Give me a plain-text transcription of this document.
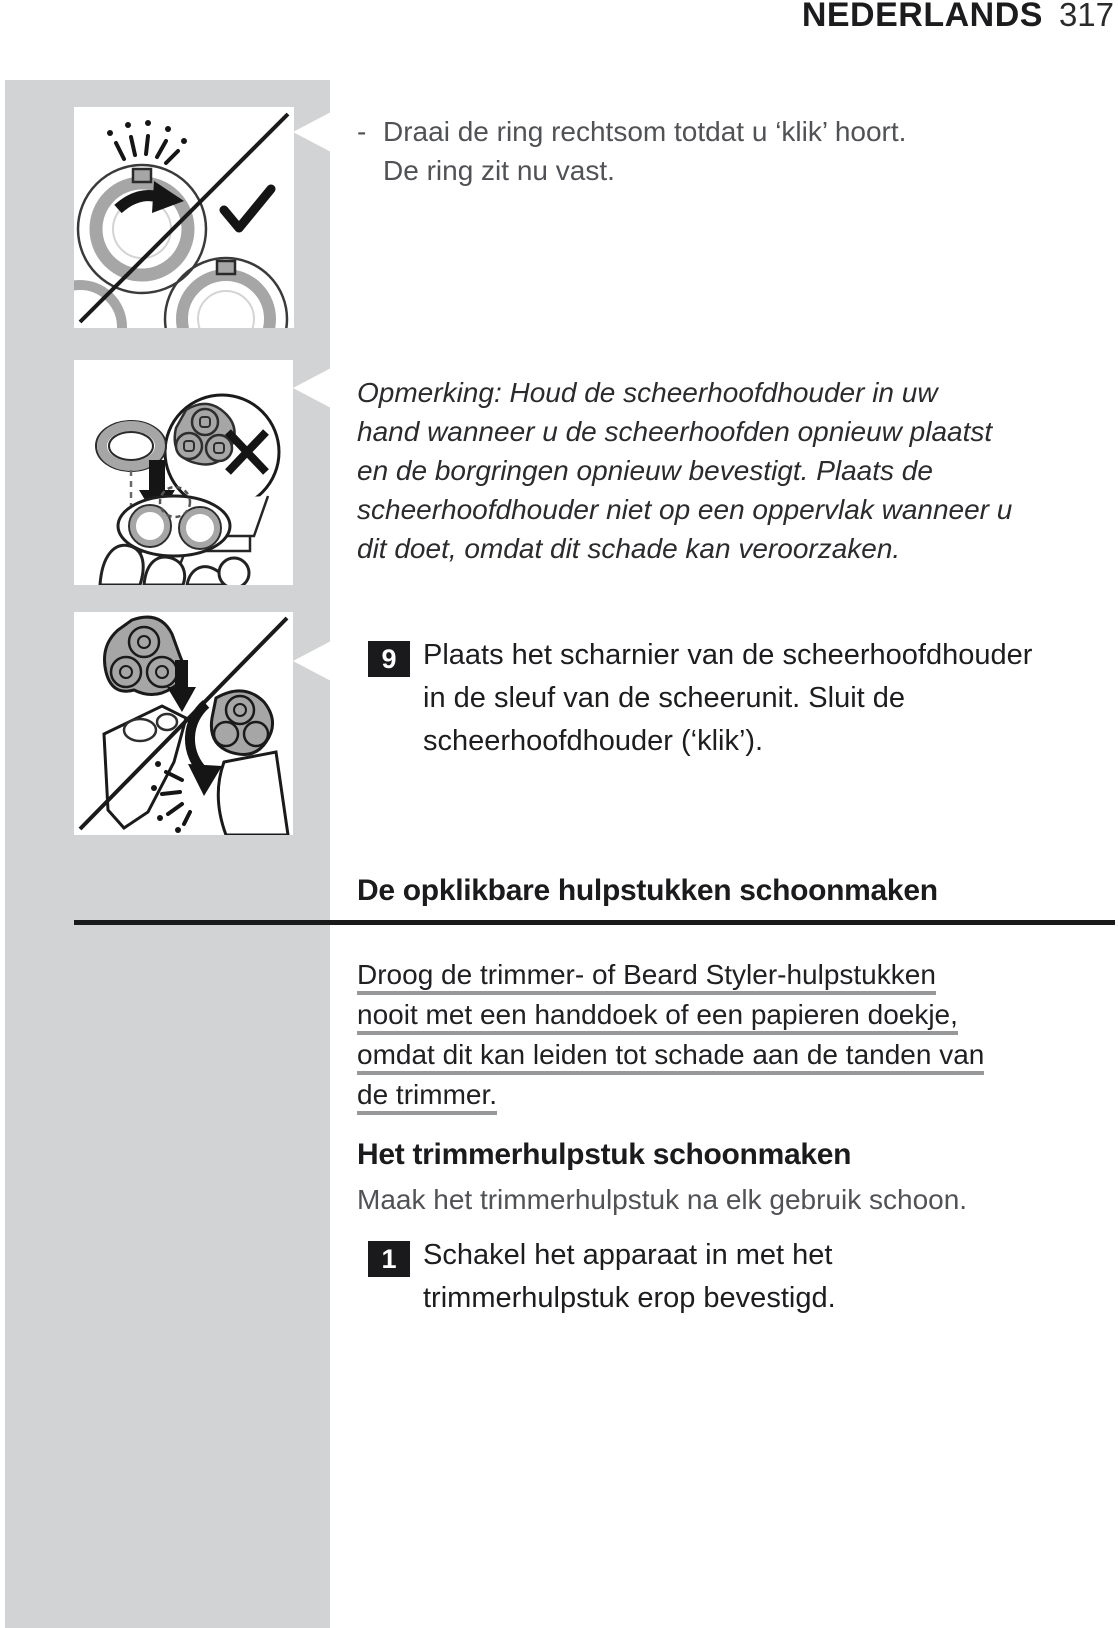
NEDERLANDS 317
- Draai de ring rechtsom totdat u ‘klik’ hoort.
De ring zit nu vast.
Opmerking: Houd de scheerhoofdhouder in uw
hand wanneer u de scheerhoofden opnieuw plaatst
en de borgringen opnieuw bevestigt. Plaats de
scheerhoofdhouder niet op een oppervlak wanneer u
dit doet, omdat dit schade kan veroorzaken.
9 Plaats het scharnier van de scheerhoofdhouder
in de sleuf van de scheerunit. Sluit de
scheerhoofdhouder (‘klik’).
De opklikbare hulpstukken schoonmaken
Droog de trimmer- of Beard Styler-hulpstukken
nooit met een handdoek of een papieren doekje,
omdat dit kan leiden tot schade aan de tanden van
de trimmer.
Het trimmerhulpstuk schoonmaken
Maak het trimmerhulpstuk na elk gebruik schoon.
1 Schakel het apparaat in met het
trimmerhulpstuk erop bevestigd.
